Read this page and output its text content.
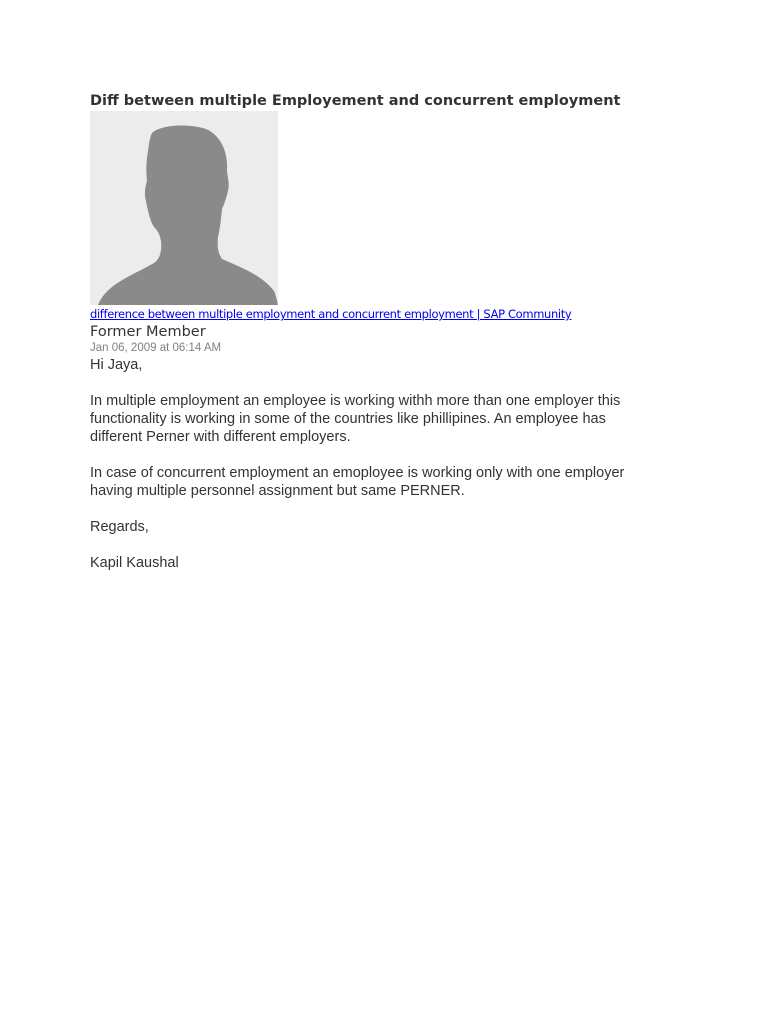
Diff between multiple Employement and concurrent employment
difference between multiple employment and concurrent employment | SAP Community
Former Member
Jan 06, 2009 at 06:14 AM

Hi Jaya,

In multiple employment an employee is working withh more than one employer this functionality is working in some of the countries like phillipines. An employee has different Perner with different employers.

In case of concurrent employment an emoployee is working only with one employer having multiple personnel assignment but same PERNER.

Regards,

Kapil Kaushal
